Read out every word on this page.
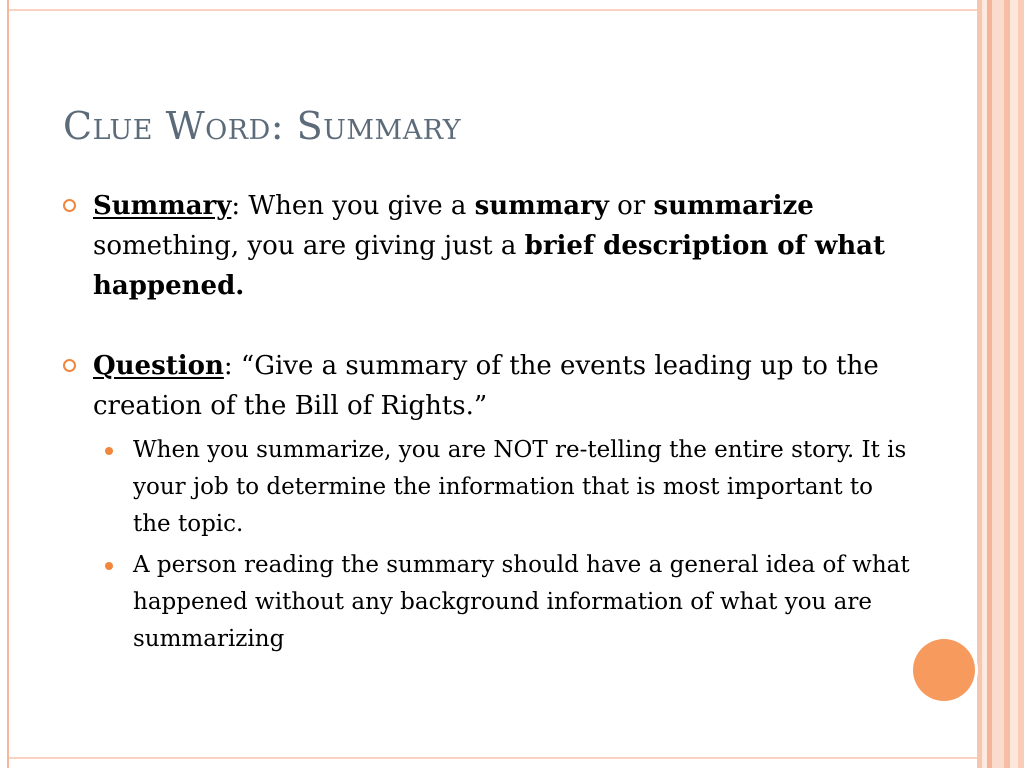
Clue Word: Summary

Summary: When you give a summary or summarize something, you are giving just a brief description of what happened.

Question: “Give a summary of the events leading up to the creation of the Bill of Rights.”

When you summarize, you are NOT re-telling the entire story. It is your job to determine the information that is most important to the topic.
A person reading the summary should have a general idea of what happened without any background information of what you are summarizing
